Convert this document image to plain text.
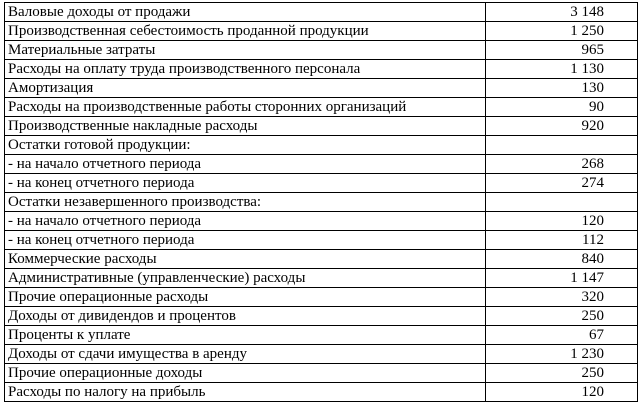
Валовые доходы от продажи	3 148
Производственная себестоимость проданной продукции	1 250
Материальные затраты	965
Расходы на оплату труда производственного персонала	1 130
Амортизация	130
Расходы на производственные работы сторонних организаций	90
Производственные накладные расходы	920
Остатки готовой продукции:	
- на начало отчетного периода	268
- на конец отчетного периода	274
Остатки незавершенного производства:	
- на начало отчетного периода	120
- на конец отчетного периода	112
Коммерческие расходы	840
Административные (управленческие) расходы	1 147
Прочие операционные расходы	320
Доходы от дивидендов и процентов	250
Проценты к уплате	67
Доходы от сдачи имущества в аренду	1 230
Прочие операционные доходы	250
Расходы по налогу на прибыль	120
